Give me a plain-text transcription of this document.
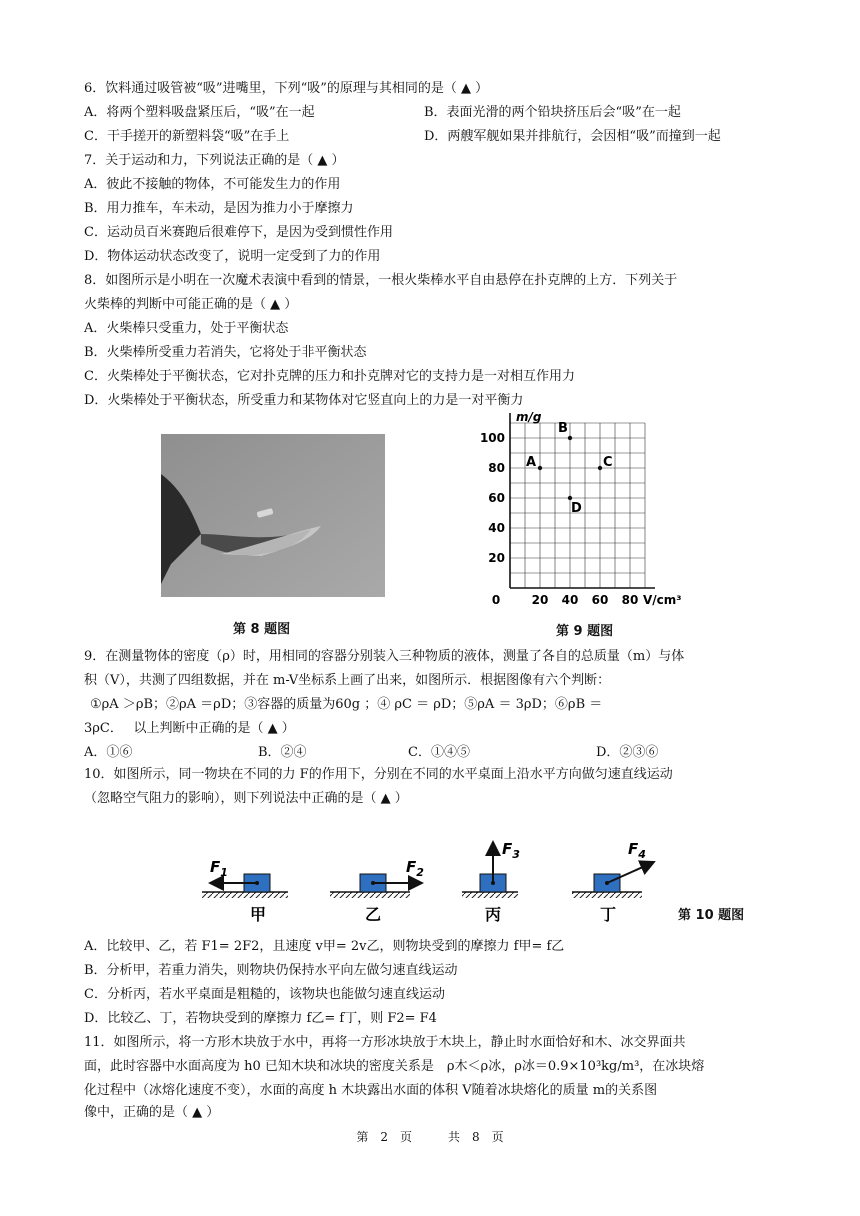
6．饮料通过吸管被“吸”进嘴里，下列“吸”的原理与其相同的是（ ▲ ）
A．将两个塑料吸盘紧压后，“吸”在一起	B．表面光滑的两个铅块挤压后会“吸”在一起
C．干手搓开的新塑料袋“吸”在手上	D．两艘军舰如果并排航行，会因相“吸”而撞到一起
7．关于运动和力，下列说法正确的是（ ▲ ）
A．彼此不接触的物体，不可能发生力的作用
B．用力推车，车未动，是因为推力小于摩擦力
C．运动员百米赛跑后很难停下，是因为受到惯性作用
D．物体运动状态改变了，说明一定受到了力的作用
8．如图所示是小明在一次魔术表演中看到的情景，一根火柴棒水平自由悬停在扑克牌的上方．下列关于
火柴棒的判断中可能正确的是（ ▲ ）
A．火柴棒只受重力，处于平衡状态
B．火柴棒所受重力若消失，它将处于非平衡状态
C．火柴棒处于平衡状态，它对扑克牌的压力和扑克牌对它的支持力是一对相互作用力
D．火柴棒处于平衡状态，所受重力和某物体对它竖直向上的力是一对平衡力
第 8 题图
0	20 40 60 80
20
40
60
80
100
A
B
C
D
m/g
V/cm³
第 9 题图
9．在测量物体的密度（ρ）时，用相同的容器分别装入三种物质的液体，测量了各自的总质量（m）与体
积（V），共测了四组数据，并在 m-V坐标系上画了出来，如图所示．根据图像有六个判断：
①ρA ＞ρB；②ρA ＝ρD；③容器的质量为60g ；④ ρC ＝ ρD；⑤ρA ＝ 3ρD；⑥ρB ＝
3ρC．　 以上判断中正确的是（ ▲ ）
A．①⑥	B．②④	C．①④⑤	D．②③⑥
10．如图所示，同一物块在不同的力 F的作用下，分别在不同的水平桌面上沿水平方向做匀速直线运动
（忽略空气阻力的影响），则下列说法中正确的是（ ▲ ）
$F_1$
甲
$F_2$
乙
$F_3$
丙
$F_4$
丁	第 10 题图
A．比较甲、乙，若 F1= 2F2，且速度 v甲= 2v乙，则物块受到的摩擦力 f甲= f乙
B．分析甲，若重力消失，则物块仍保持水平向左做匀速直线运动
C．分析丙，若水平桌面是粗糙的，该物块也能做匀速直线运动
D．比较乙、丁，若物块受到的摩擦力 f乙= f丁，则 F2= F4
11．如图所示，将一方形木块放于水中，再将一方形冰块放于木块上，静止时水面恰好和木、冰交界面共
面，此时容器中水面高度为 h0 已知木块和冰块的密度关系是　ρ木＜ρ冰，ρ冰＝0.9×10³kg/m³，在冰块熔
化过程中（冰熔化速度不变），水面的高度 h 木块露出水面的体积 V随着冰块熔化的质量 m的关系图
像中，正确的是（ ▲ ）
第　2　页　　　共　8　页
